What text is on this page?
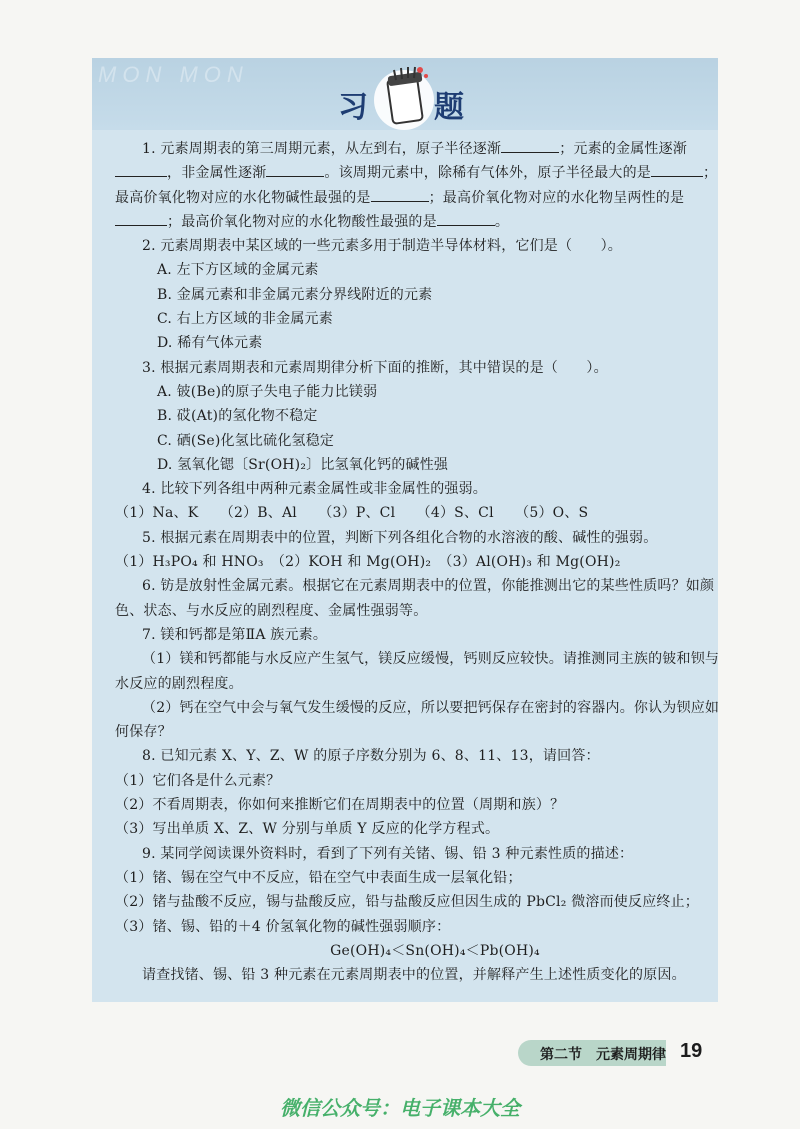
MON MON
习 题
1. 元素周期表的第三周期元素，从左到右，原子半径逐渐	；元素的金属性逐渐
，非金属性逐渐	。该周期元素中，除稀有气体外，原子半径最大的是	；
最高价氧化物对应的水化物碱性最强的是	；最高价氧化物对应的水化物呈两性的是
；最高价氧化物对应的水化物酸性最强的是	。
2. 元素周期表中某区域的一些元素多用于制造半导体材料，它们是（　　）。
A. 左下方区域的金属元素
B. 金属元素和非金属元素分界线附近的元素
C. 右上方区域的非金属元素
D. 稀有气体元素
3. 根据元素周期表和元素周期律分析下面的推断，其中错误的是（　　）。
A. 铍(Be)的原子失电子能力比镁弱
B. 砹(At)的氢化物不稳定
C. 硒(Se)化氢比硫化氢稳定
D. 氢氧化锶〔Sr(OH)₂〕比氢氧化钙的碱性强
4. 比较下列各组中两种元素金属性或非金属性的强弱。
（1）Na、K　　（2）B、Al　　（3）P、Cl　　（4）S、Cl　　（5）O、S
5. 根据元素在周期表中的位置，判断下列各组化合物的水溶液的酸、碱性的强弱。
（1）H₃PO₄ 和 HNO₃　（2）KOH 和 Mg(OH)₂　（3）Al(OH)₃ 和 Mg(OH)₂
6. 钫是放射性金属元素。根据它在元素周期表中的位置，你能推测出它的某些性质吗？如颜
色、状态、与水反应的剧烈程度、金属性强弱等。
7. 镁和钙都是第ⅡA 族元素。
（1）镁和钙都能与水反应产生氢气，镁反应缓慢，钙则反应较快。请推测同主族的铍和钡与
水反应的剧烈程度。
（2）钙在空气中会与氧气发生缓慢的反应，所以要把钙保存在密封的容器内。你认为钡应如
何保存？
8. 已知元素 X、Y、Z、W 的原子序数分别为 6、8、11、13，请回答：
（1）它们各是什么元素？
（2）不看周期表，你如何来推断它们在周期表中的位置（周期和族）？
（3）写出单质 X、Z、W 分别与单质 Y 反应的化学方程式。
9. 某同学阅读课外资料时，看到了下列有关锗、锡、铅 3 种元素性质的描述：
（1）锗、锡在空气中不反应，铅在空气中表面生成一层氧化铅；
（2）锗与盐酸不反应，锡与盐酸反应，铅与盐酸反应但因生成的 PbCl₂ 微溶而使反应终止；
（3）锗、锡、铅的＋4 价氢氧化物的碱性强弱顺序：
Ge(OH)₄＜Sn(OH)₄＜Pb(OH)₄
请查找锗、锡、铅 3 种元素在元素周期表中的位置，并解释产生上述性质变化的原因。
第二节　元素周期律 19
微信公众号：电子课本大全
